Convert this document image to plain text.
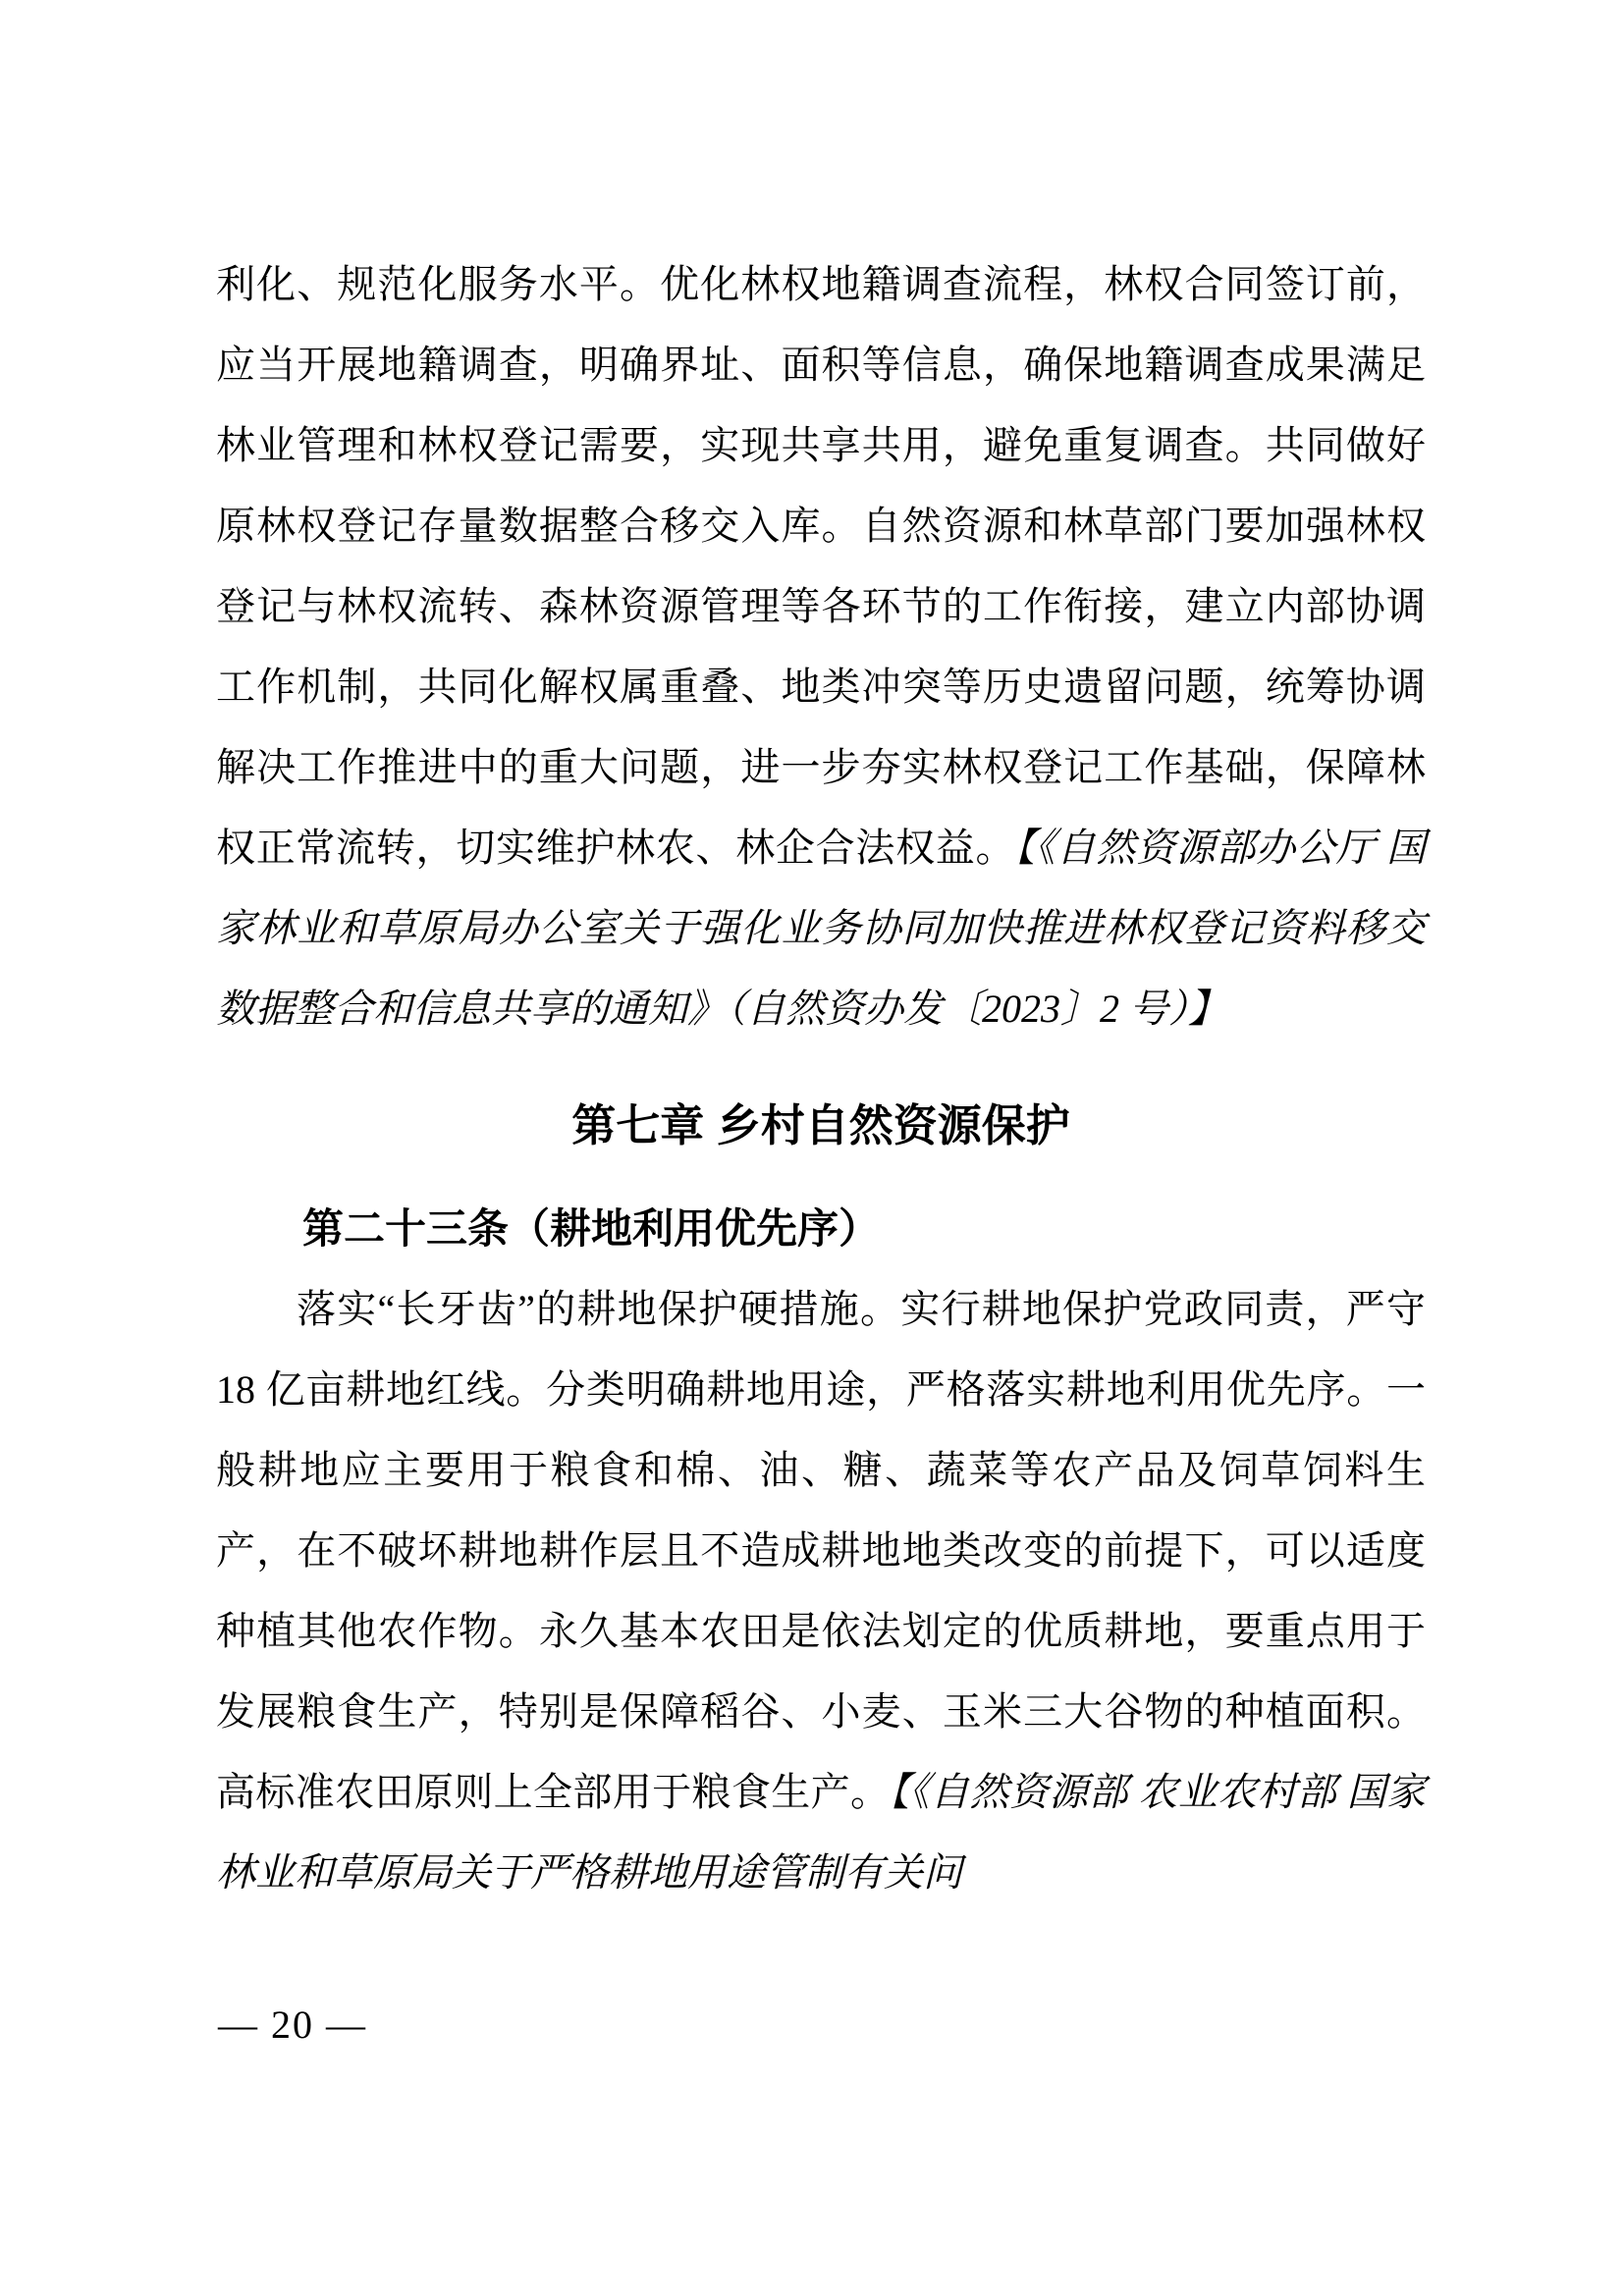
利化、规范化服务水平。优化林权地籍调查流程，林权合同签订前，应当开展地籍调查，明确界址、面积等信息，确保地籍调查成果满足林业管理和林权登记需要，实现共享共用，避免重复调查。共同做好原林权登记存量数据整合移交入库。自然资源和林草部门要加强林权登记与林权流转、森林资源管理等各环节的工作衔接，建立内部协调工作机制，共同化解权属重叠、地类冲突等历史遗留问题，统筹协调解决工作推进中的重大问题，进一步夯实林权登记工作基础，保障林权正常流转，切实维护林农、林企合法权益。【《自然资源部办公厅 国家林业和草原局办公室关于强化业务协同加快推进林权登记资料移交数据整合和信息共享的通知》（自然资办发〔2023〕2 号）】

第七章 乡村自然资源保护
第二十三条（耕地利用优先序）

落实“长牙齿”的耕地保护硬措施。实行耕地保护党政同责，严守 18 亿亩耕地红线。分类明确耕地用途，严格落实耕地利用优先序。一般耕地应主要用于粮食和棉、油、糖、蔬菜等农产品及饲草饲料生产，在不破坏耕地耕作层且不造成耕地地类改变的前提下，可以适度种植其他农作物。永久基本农田是依法划定的优质耕地，要重点用于发展粮食生产，特别是保障稻谷、小麦、玉米三大谷物的种植面积。高标准农田原则上全部用于粮食生产。【《自然资源部 农业农村部 国家林业和草原局关于严格耕地用途管制有关问

— 20 —
